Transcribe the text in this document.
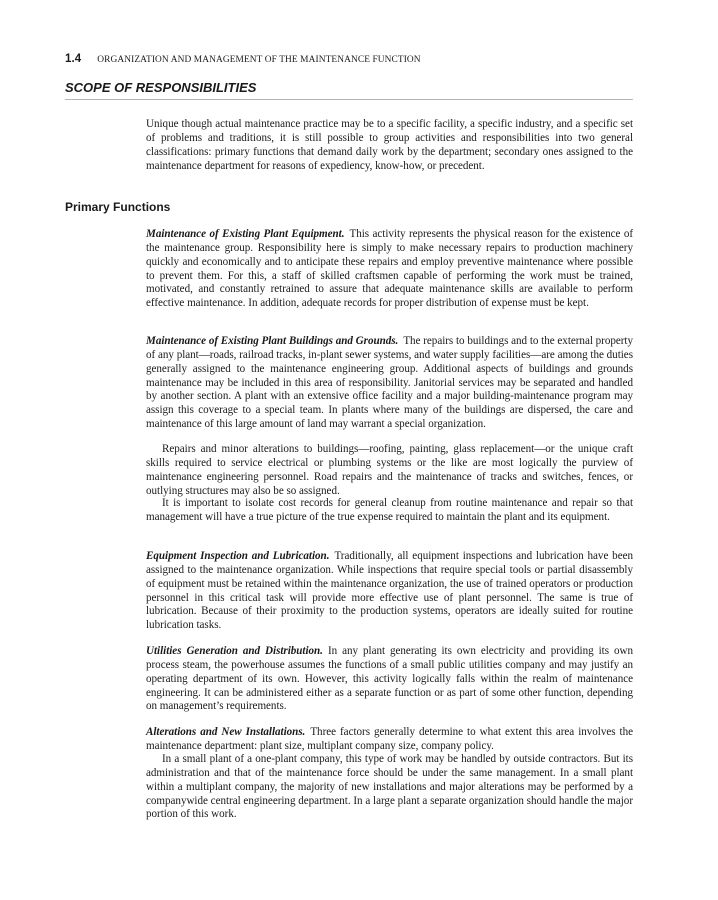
1.4 ORGANIZATION AND MANAGEMENT OF THE MAINTENANCE FUNCTION
SCOPE OF RESPONSIBILITIES

Unique though actual maintenance practice may be to a specific facility, a specific industry, and a specific set of problems and traditions, it is still possible to group activities and responsibilities into two general classifications: primary functions that demand daily work by the department; secondary ones assigned to the maintenance department for reasons of expediency, know-how, or precedent.

Primary Functions

Maintenance of Existing Plant Equipment. This activity represents the physical reason for the existence of the maintenance group. Responsibility here is simply to make necessary repairs to production machinery quickly and economically and to anticipate these repairs and employ preventive maintenance where possible to prevent them. For this, a staff of skilled craftsmen capable of performing the work must be trained, motivated, and constantly retrained to assure that adequate maintenance skills are available to perform effective maintenance. In addition, adequate records for proper distribution of expense must be kept.

Maintenance of Existing Plant Buildings and Grounds. The repairs to buildings and to the external property of any plant—roads, railroad tracks, in-plant sewer systems, and water supply facilities—are among the duties generally assigned to the maintenance engineering group. Additional aspects of buildings and grounds maintenance may be included in this area of responsibility. Janitorial services may be separated and handled by another section. A plant with an extensive office facility and a major building-maintenance program may assign this coverage to a special team. In plants where many of the buildings are dispersed, the care and maintenance of this large amount of land may warrant a special organization.

Repairs and minor alterations to buildings—roofing, painting, glass replacement—or the unique craft skills required to service electrical or plumbing systems or the like are most logically the purview of maintenance engineering personnel. Road repairs and the maintenance of tracks and switches, fences, or outlying structures may also be so assigned.

It is important to isolate cost records for general cleanup from routine maintenance and repair so that management will have a true picture of the true expense required to maintain the plant and its equipment.

Equipment Inspection and Lubrication. Traditionally, all equipment inspections and lubrication have been assigned to the maintenance organization. While inspections that require special tools or partial disassembly of equipment must be retained within the maintenance organization, the use of trained operators or production personnel in this critical task will provide more effective use of plant personnel. The same is true of lubrication. Because of their proximity to the production systems, operators are ideally suited for routine lubrication tasks.

Utilities Generation and Distribution. In any plant generating its own electricity and providing its own process steam, the powerhouse assumes the functions of a small public utilities company and may justify an operating department of its own. However, this activity logically falls within the realm of maintenance engineering. It can be administered either as a separate function or as part of some other function, depending on management’s requirements.

Alterations and New Installations. Three factors generally determine to what extent this area involves the maintenance department: plant size, multiplant company size, company policy.

In a small plant of a one-plant company, this type of work may be handled by outside contractors. But its administration and that of the maintenance force should be under the same management. In a small plant within a multiplant company, the majority of new installations and major alterations may be performed by a companywide central engineering department. In a large plant a separate organization should handle the major portion of this work.
